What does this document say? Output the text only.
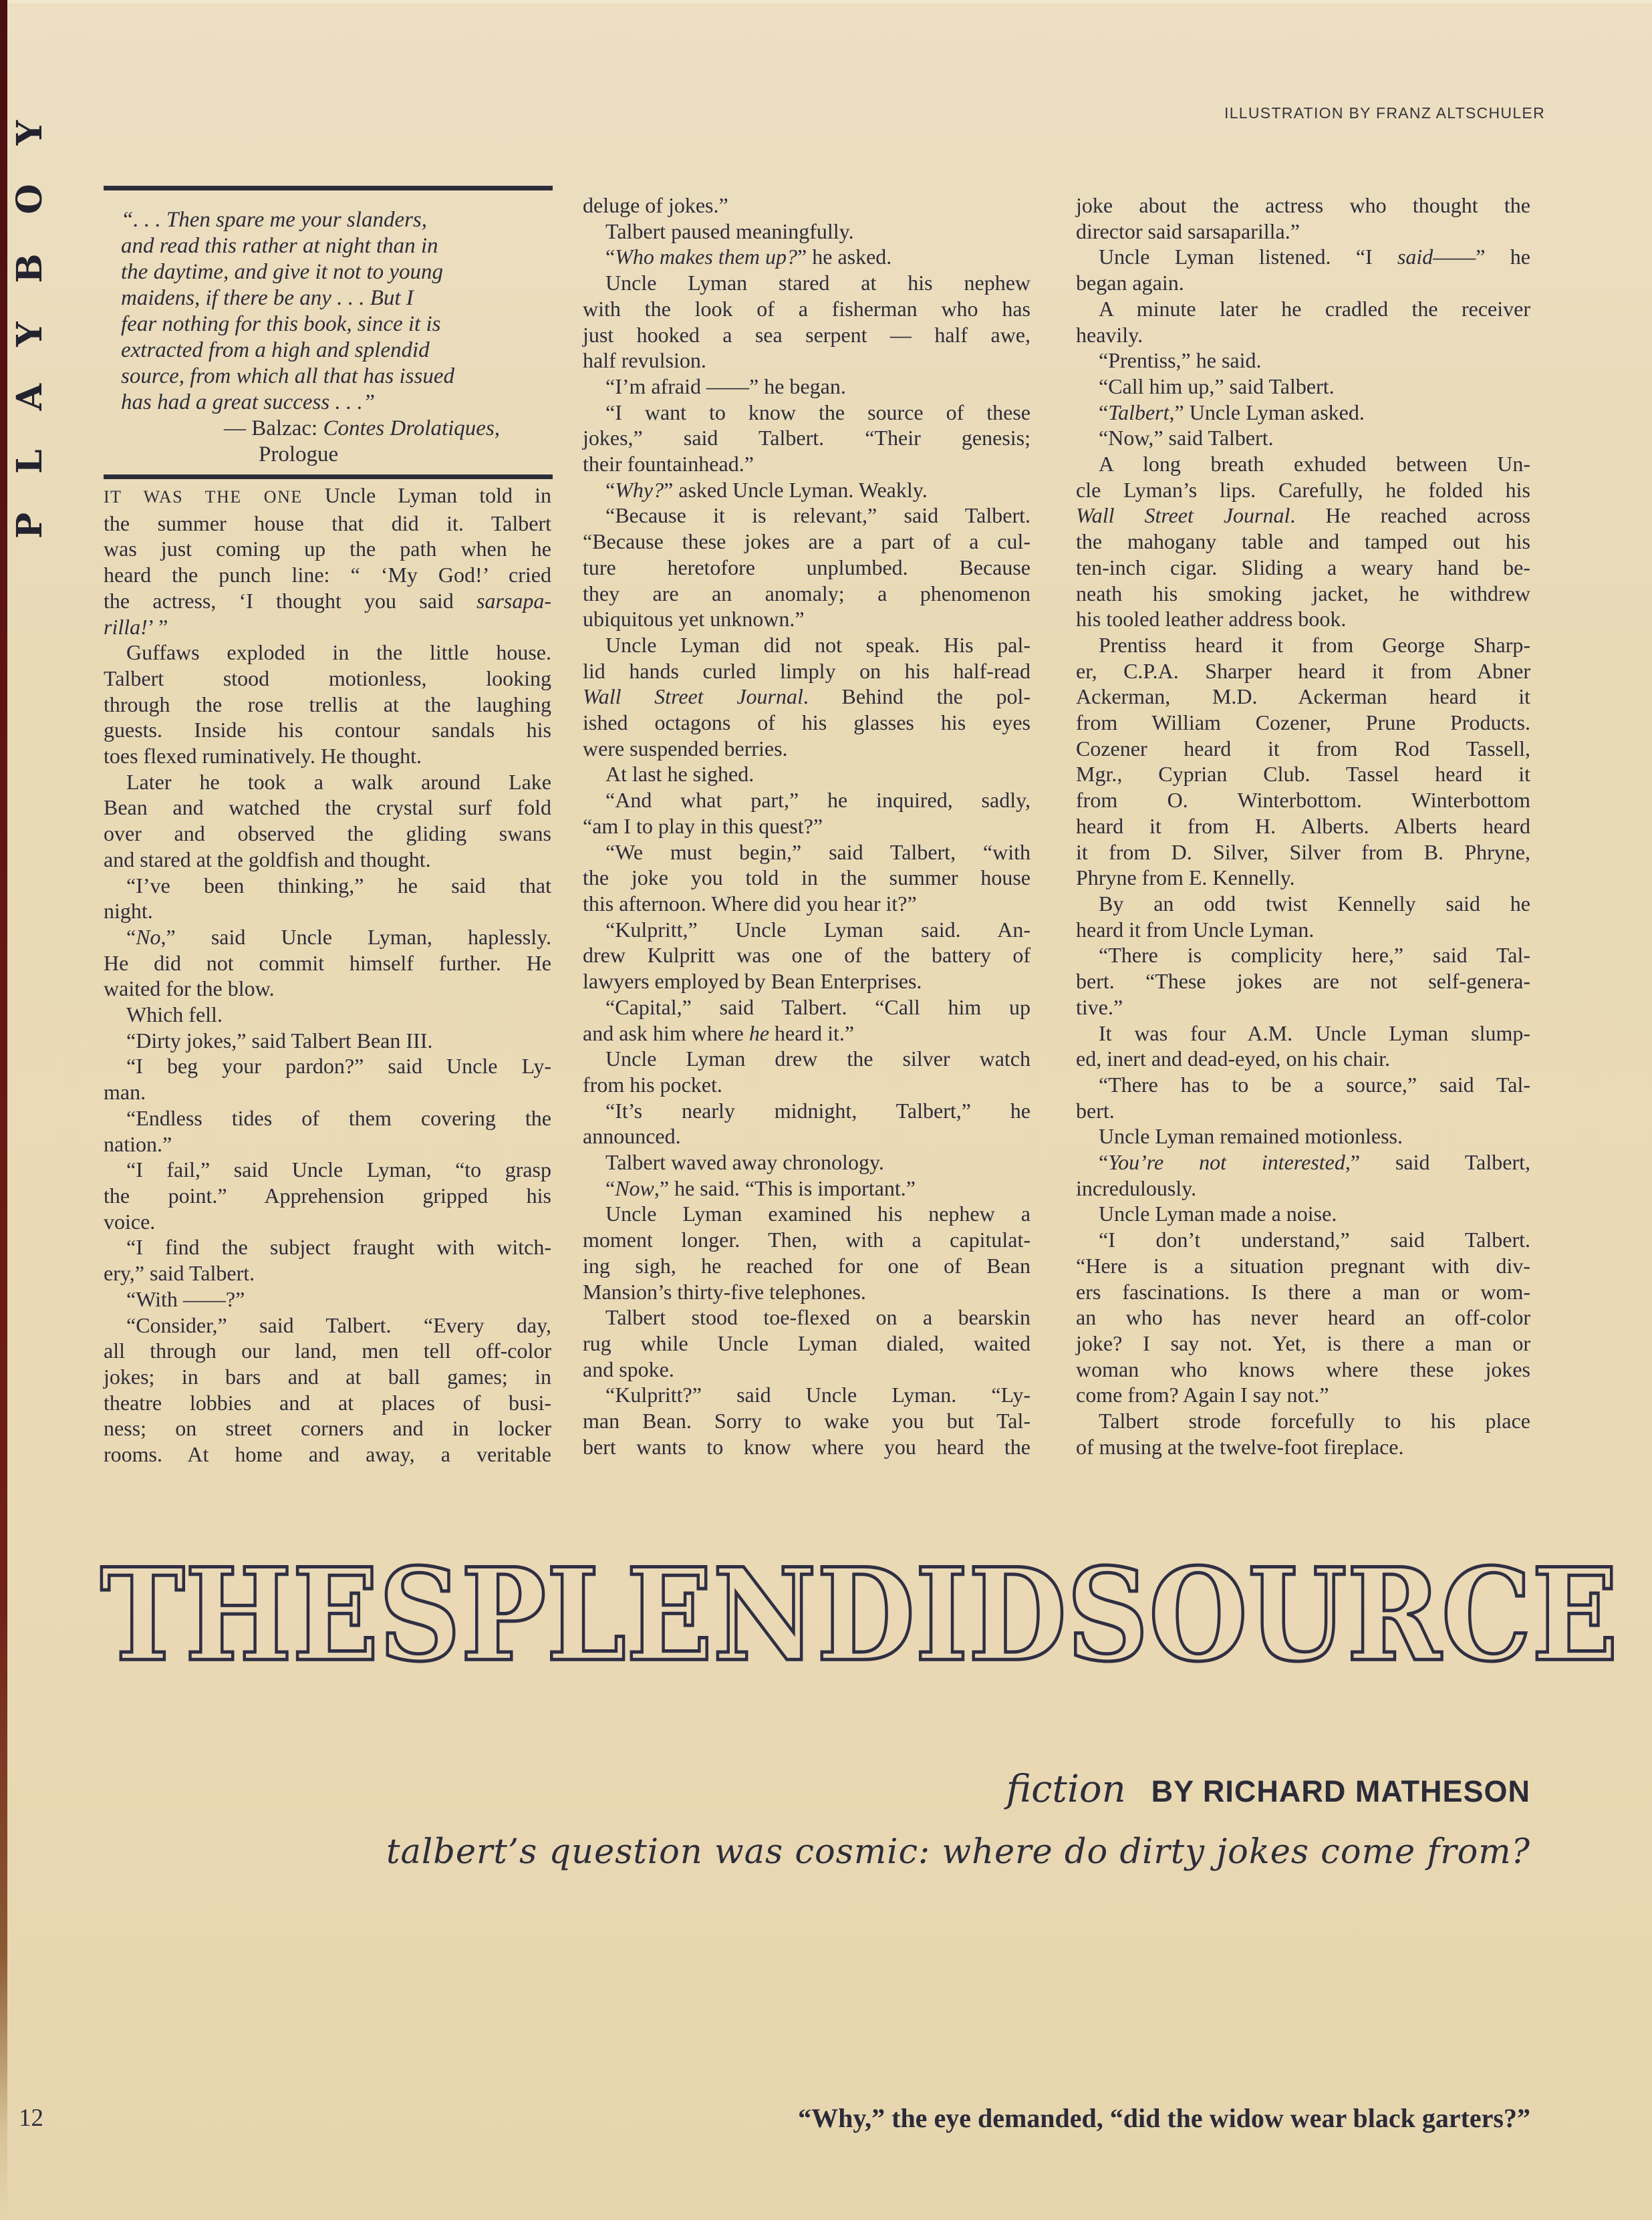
PLAYBOY	ILLUSTRATION BY FRANZ ALTSCHULER
“. . . Then spare me your slanders,
and read this rather at night than in
the daytime, and give it not to young
maidens, if there be any . . . But I
fear nothing for this book, since it is
extracted from a high and splendid
source, from which all that has issued
has had a great success . . .”
— Balzac: Contes Drolatiques,
Prologue
IT WAS THE ONE Uncle Lyman told in
the summer house that did it. Talbert
was just coming up the path when he
heard the punch line: “ ‘My God!’ cried
the actress, ‘I thought you said sarsapa-
rilla!’ ”
Guffaws exploded in the little house.
Talbert stood motionless, looking
through the rose trellis at the laughing
guests. Inside his contour sandals his
toes flexed ruminatively. He thought.
Later he took a walk around Lake
Bean and watched the crystal surf fold
over and observed the gliding swans
and stared at the goldfish and thought.
“I’ve been thinking,” he said that
night.
“No,” said Uncle Lyman, haplessly.
He did not commit himself further. He
waited for the blow.
Which fell.
“Dirty jokes,” said Talbert Bean III.
“I beg your pardon?” said Uncle Ly-
man.
“Endless tides of them covering the
nation.”
“I fail,” said Uncle Lyman, “to grasp
the point.” Apprehension gripped his
voice.
“I find the subject fraught with witch-
ery,” said Talbert.
“With ——?”
“Consider,” said Talbert. “Every day,
all through our land, men tell off-color
jokes; in bars and at ball games; in
theatre lobbies and at places of busi-
ness; on street corners and in locker
rooms. At home and away, a veritable
deluge of jokes.”
Talbert paused meaningfully.
“Who makes them up?” he asked.
Uncle Lyman stared at his nephew
with the look of a fisherman who has
just hooked a sea serpent — half awe,
half revulsion.
“I’m afraid ——” he began.
“I want to know the source of these
jokes,” said Talbert. “Their genesis;
their fountainhead.”
“Why?” asked Uncle Lyman. Weakly.
“Because it is relevant,” said Talbert.
“Because these jokes are a part of a cul-
ture heretofore unplumbed. Because
they are an anomaly; a phenomenon
ubiquitous yet unknown.”
Uncle Lyman did not speak. His pal-
lid hands curled limply on his half-read
Wall Street Journal. Behind the pol-
ished octagons of his glasses his eyes
were suspended berries.
At last he sighed.
“And what part,” he inquired, sadly,
“am I to play in this quest?”
“We must begin,” said Talbert, “with
the joke you told in the summer house
this afternoon. Where did you hear it?”
“Kulpritt,” Uncle Lyman said. An-
drew Kulpritt was one of the battery of
lawyers employed by Bean Enterprises.
“Capital,” said Talbert. “Call him up
and ask him where he heard it.”
Uncle Lyman drew the silver watch
from his pocket.
“It’s nearly midnight, Talbert,” he
announced.
Talbert waved away chronology.
“Now,” he said. “This is important.”
Uncle Lyman examined his nephew a
moment longer. Then, with a capitulat-
ing sigh, he reached for one of Bean
Mansion’s thirty-five telephones.
Talbert stood toe-flexed on a bearskin
rug while Uncle Lyman dialed, waited
and spoke.
“Kulpritt?” said Uncle Lyman. “Ly-
man Bean. Sorry to wake you but Tal-
bert wants to know where you heard the
joke about the actress who thought the
director said sarsaparilla.”
Uncle Lyman listened. “I said——” he
began again.
A minute later he cradled the receiver
heavily.
“Prentiss,” he said.
“Call him up,” said Talbert.
“Talbert,” Uncle Lyman asked.
“Now,” said Talbert.
A long breath exhuded between Un-
cle Lyman’s lips. Carefully, he folded his
Wall Street Journal. He reached across
the mahogany table and tamped out his
ten-inch cigar. Sliding a weary hand be-
neath his smoking jacket, he withdrew
his tooled leather address book.
Prentiss heard it from George Sharp-
er, C.P.A. Sharper heard it from Abner
Ackerman, M.D. Ackerman heard it
from William Cozener, Prune Products.
Cozener heard it from Rod Tassell,
Mgr., Cyprian Club. Tassel heard it
from O. Winterbottom. Winterbottom
heard it from H. Alberts. Alberts heard
it from D. Silver, Silver from B. Phryne,
Phryne from E. Kennelly.
By an odd twist Kennelly said he
heard it from Uncle Lyman.
“There is complicity here,” said Tal-
bert. “These jokes are not self-genera-
tive.”
It was four A.M. Uncle Lyman slump-
ed, inert and dead-eyed, on his chair.
“There has to be a source,” said Tal-
bert.
Uncle Lyman remained motionless.
“You’re not interested,” said Talbert,
incredulously.
Uncle Lyman made a noise.
“I don’t understand,” said Talbert.
“Here is a situation pregnant with div-
ers fascinations. Is there a man or wom-
an who has never heard an off-color
joke? I say not. Yet, is there a man or
woman who knows where these jokes
come from? Again I say not.”
Talbert strode forcefully to his place
of musing at the twelve-foot fireplace.
THE SPLENDID SOURCE
fiction BY RICHARD MATHESON
talbert’s question was cosmic: where do dirty jokes come from?
12	“Why,” the eye demanded, “did the widow wear black garters?”
